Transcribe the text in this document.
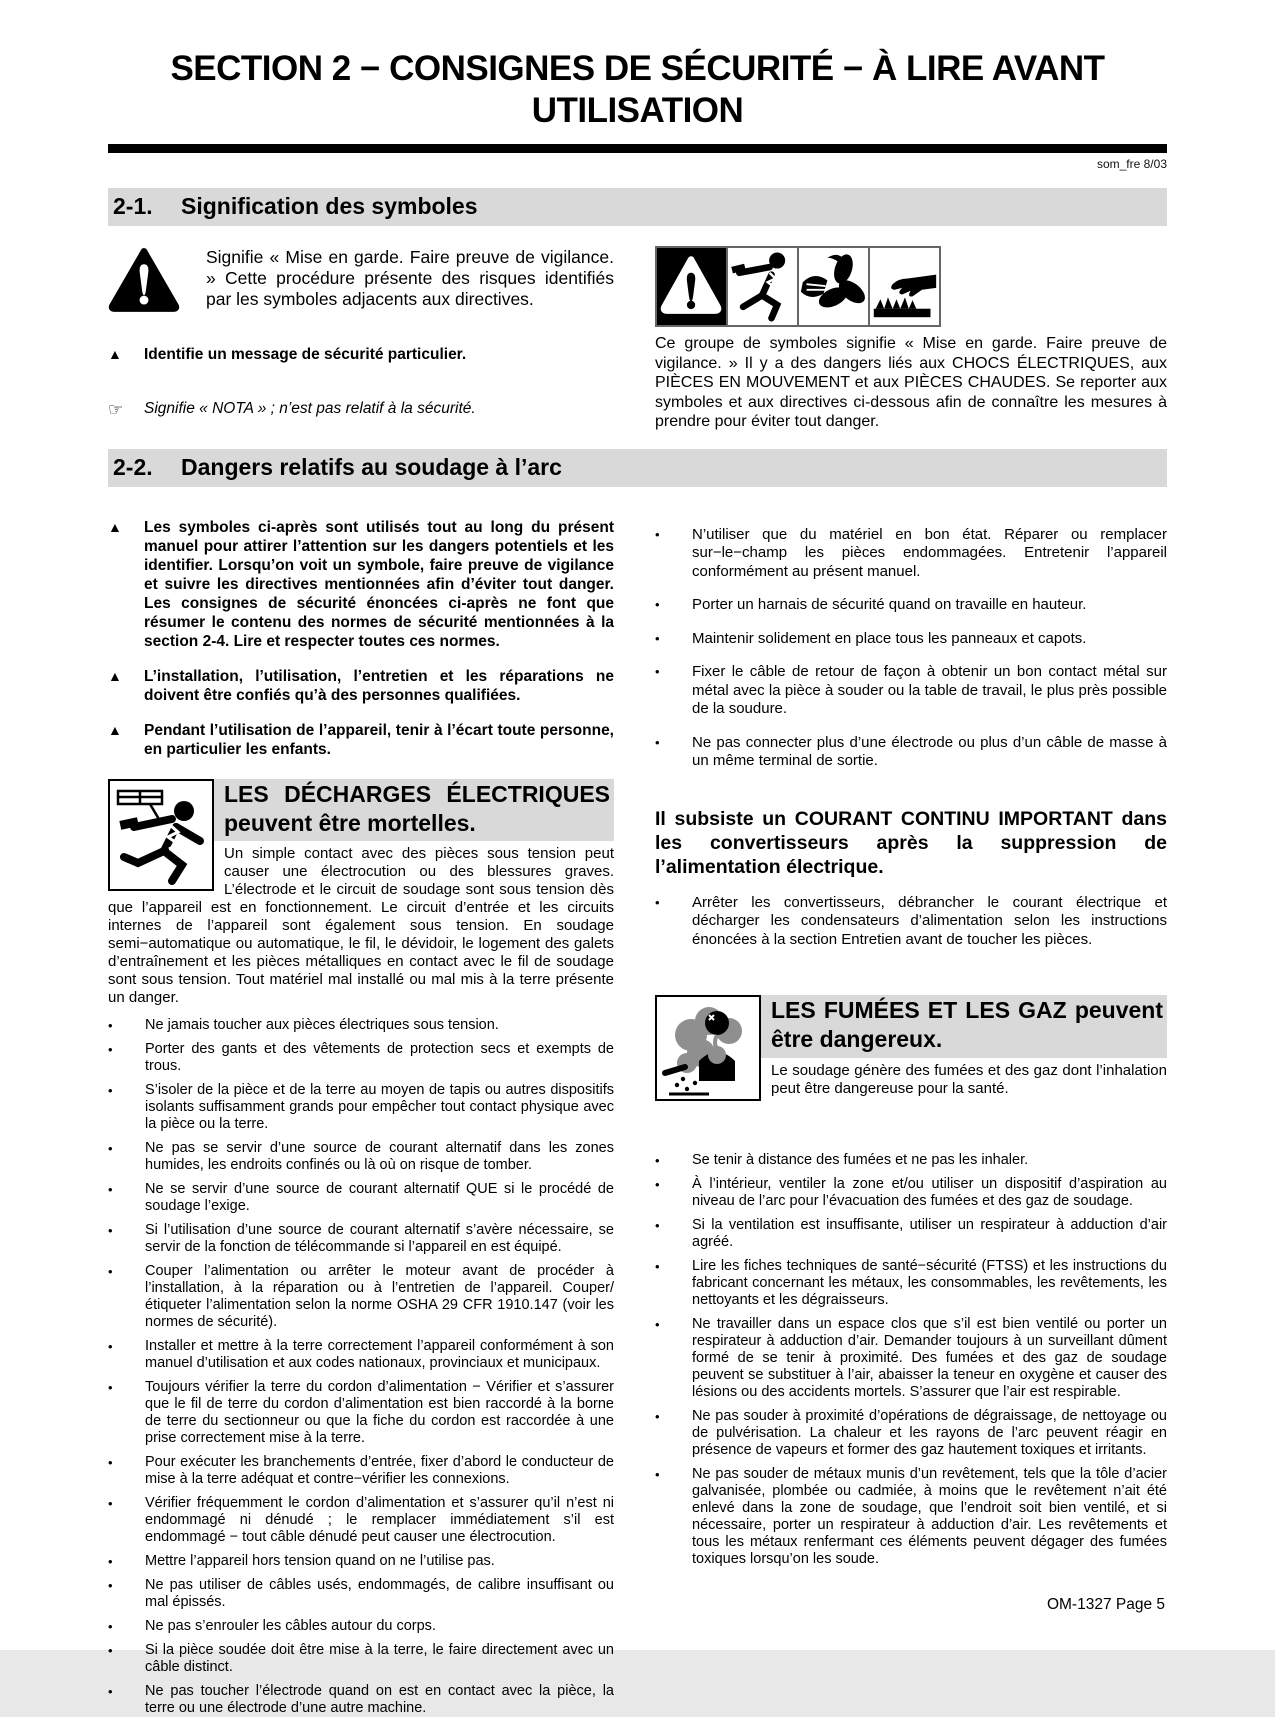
SECTION 2 − CONSIGNES DE SÉCURITÉ − À LIRE AVANT UTILISATION
som_fre 8/03
2-1.	Signification des symboles

Signifie « Mise en garde. Faire preuve de vigilance. » Cette procédure présente des risques identifiés par les symboles adjacents aux directives.

▲	Identifie un message de sécurité particulier.
☞	Signifie « NOTA » ; n’est pas relatif à la sécurité.

Ce groupe de symboles signifie « Mise en garde. Faire preuve de vigilance. » Il y a des dangers liés aux CHOCS ÉLECTRIQUES, aux PIÈCES EN MOUVEMENT et aux PIÈCES CHAUDES. Se reporter aux symboles et aux directives ci-dessous afin de connaître les mesures à prendre pour éviter tout danger.

2-2.	Dangers relatifs au soudage à l’arc
▲	Les symboles ci-après sont utilisés tout au long du présent manuel pour attirer l’attention sur les dangers potentiels et les identifier. Lorsqu’on voit un symbole, faire preuve de vigilance et suivre les directives mentionnées afin d’éviter tout danger. Les consignes de sécurité énoncées ci-après ne font que résumer le contenu des normes de sécurité mentionnées à la section 2-4. Lire et respecter toutes ces normes.
▲	L’installation, l’utilisation, l’entretien et les réparations ne doivent être confiés qu’à des personnes qualifiées.
▲	Pendant l’utilisation de l’appareil, tenir à l’écart toute personne, en particulier les enfants.
LES DÉCHARGES ÉLECTRIQUES peuvent être mortelles.

Un simple contact avec des pièces sous tension peut causer une électrocution ou des blessures graves. L’électrode et le circuit de soudage sont sous tension dès que l’appareil est en fonctionnement. Le circuit d’entrée et les circuits internes de l’appareil sont également sous tension. En soudage semi−automatique ou automatique, le fil, le dévidoir, le logement des galets d’entraînement et les pièces métalliques en contact avec le fil de soudage sont sous tension. Tout matériel mal installé ou mal mis à la terre présente un danger.

•	Ne jamais toucher aux pièces électriques sous tension.
•	Porter des gants et des vêtements de protection secs et exempts de trous.
•	S’isoler de la pièce et de la terre au moyen de tapis ou autres dispositifs isolants suffisamment grands pour empêcher tout contact physique avec la pièce ou la terre.
•	Ne pas se servir d’une source de courant alternatif dans les zones humides, les endroits confinés ou là où on risque de tomber.
•	Ne se servir d’une source de courant alternatif QUE si le procédé de soudage l’exige.
•	Si l’utilisation d’une source de courant alternatif s’avère nécessaire, se servir de la fonction de télécommande si l’appareil en est équipé.
•	Couper l’alimentation ou arrêter le moteur avant de procéder à l’installation, à la réparation ou à l’entretien de l’appareil. Couper/étiqueter l’alimentation selon la norme OSHA 29 CFR 1910.147 (voir les normes de sécurité).
•	Installer et mettre à la terre correctement l’appareil conformément à son manuel d’utilisation et aux codes nationaux, provinciaux et municipaux.
•	Toujours vérifier la terre du cordon d’alimentation − Vérifier et s’assurer que le fil de terre du cordon d’alimentation est bien raccordé à la borne de terre du sectionneur ou que la fiche du cordon est raccordée à une prise correctement mise à la terre.
•	Pour exécuter les branchements d’entrée, fixer d’abord le conducteur de mise à la terre adéquat et contre−vérifier les connexions.
•	Vérifier fréquemment le cordon d’alimentation et s’assurer qu’il n’est ni endommagé ni dénudé ; le remplacer immédiatement s’il est endommagé − tout câble dénudé peut causer une électrocution.
•	Mettre l’appareil hors tension quand on ne l’utilise pas.
•	Ne pas utiliser de câbles usés, endommagés, de calibre insuffisant ou mal épissés.
•	Ne pas s’enrouler les câbles autour du corps.
•	Si la pièce soudée doit être mise à la terre, le faire directement avec un câble distinct.
•	Ne pas toucher l’électrode quand on est en contact avec la pièce, la terre ou une électrode d’une autre machine.
•	N’utiliser que du matériel en bon état. Réparer ou remplacer sur−le−champ les pièces endommagées. Entretenir l’appareil conformément au présent manuel.
•	Porter un harnais de sécurité quand on travaille en hauteur.
•	Maintenir solidement en place tous les panneaux et capots.
•	Fixer le câble de retour de façon à obtenir un bon contact métal sur métal avec la pièce à souder ou la table de travail, le plus près possible de la soudure.
•	Ne pas connecter plus d’une électrode ou plus d’un câble de masse à un même terminal de sortie.
Il subsiste un COURANT CONTINU IMPORTANT dans les convertisseurs après la suppression de l’alimentation électrique.
•	Arrêter les convertisseurs, débrancher le courant électrique et décharger les condensateurs d’alimentation selon les instructions énoncées à la section Entretien avant de toucher les pièces.
LES FUMÉES ET LES GAZ peuvent être dangereux.

Le soudage génère des fumées et des gaz dont l’inhalation peut être dangereuse pour la santé.

•	Se tenir à distance des fumées et ne pas les inhaler.
•	À l’intérieur, ventiler la zone et/ou utiliser un dispositif d’aspiration au niveau de l’arc pour l’évacuation des fumées et des gaz de soudage.
•	Si la ventilation est insuffisante, utiliser un respirateur à adduction d’air agréé.
•	Lire les fiches techniques de santé−sécurité (FTSS) et les instructions du fabricant concernant les métaux, les consommables, les revêtements, les nettoyants et les dégraisseurs.
•	Ne travailler dans un espace clos que s’il est bien ventilé ou porter un respirateur à adduction d’air. Demander toujours à un surveillant dûment formé de se tenir à proximité. Des fumées et des gaz de soudage peuvent se substituer à l’air, abaisser la teneur en oxygène et causer des lésions ou des accidents mortels. S’assurer que l’air est respirable.
•	Ne pas souder à proximité d’opérations de dégraissage, de nettoyage ou de pulvérisation. La chaleur et les rayons de l’arc peuvent réagir en présence de vapeurs et former des gaz hautement toxiques et irritants.
•	Ne pas souder de métaux munis d’un revêtement, tels que la tôle d’acier galvanisée, plombée ou cadmiée, à moins que le revêtement n’ait été enlevé dans la zone de soudage, que l’endroit soit bien ventilé, et si nécessaire, porter un respirateur à adduction d’air. Les revêtements et tous les métaux renfermant ces éléments peuvent dégager des fumées toxiques lorsqu’on les soude.
OM-1327 Page 5
